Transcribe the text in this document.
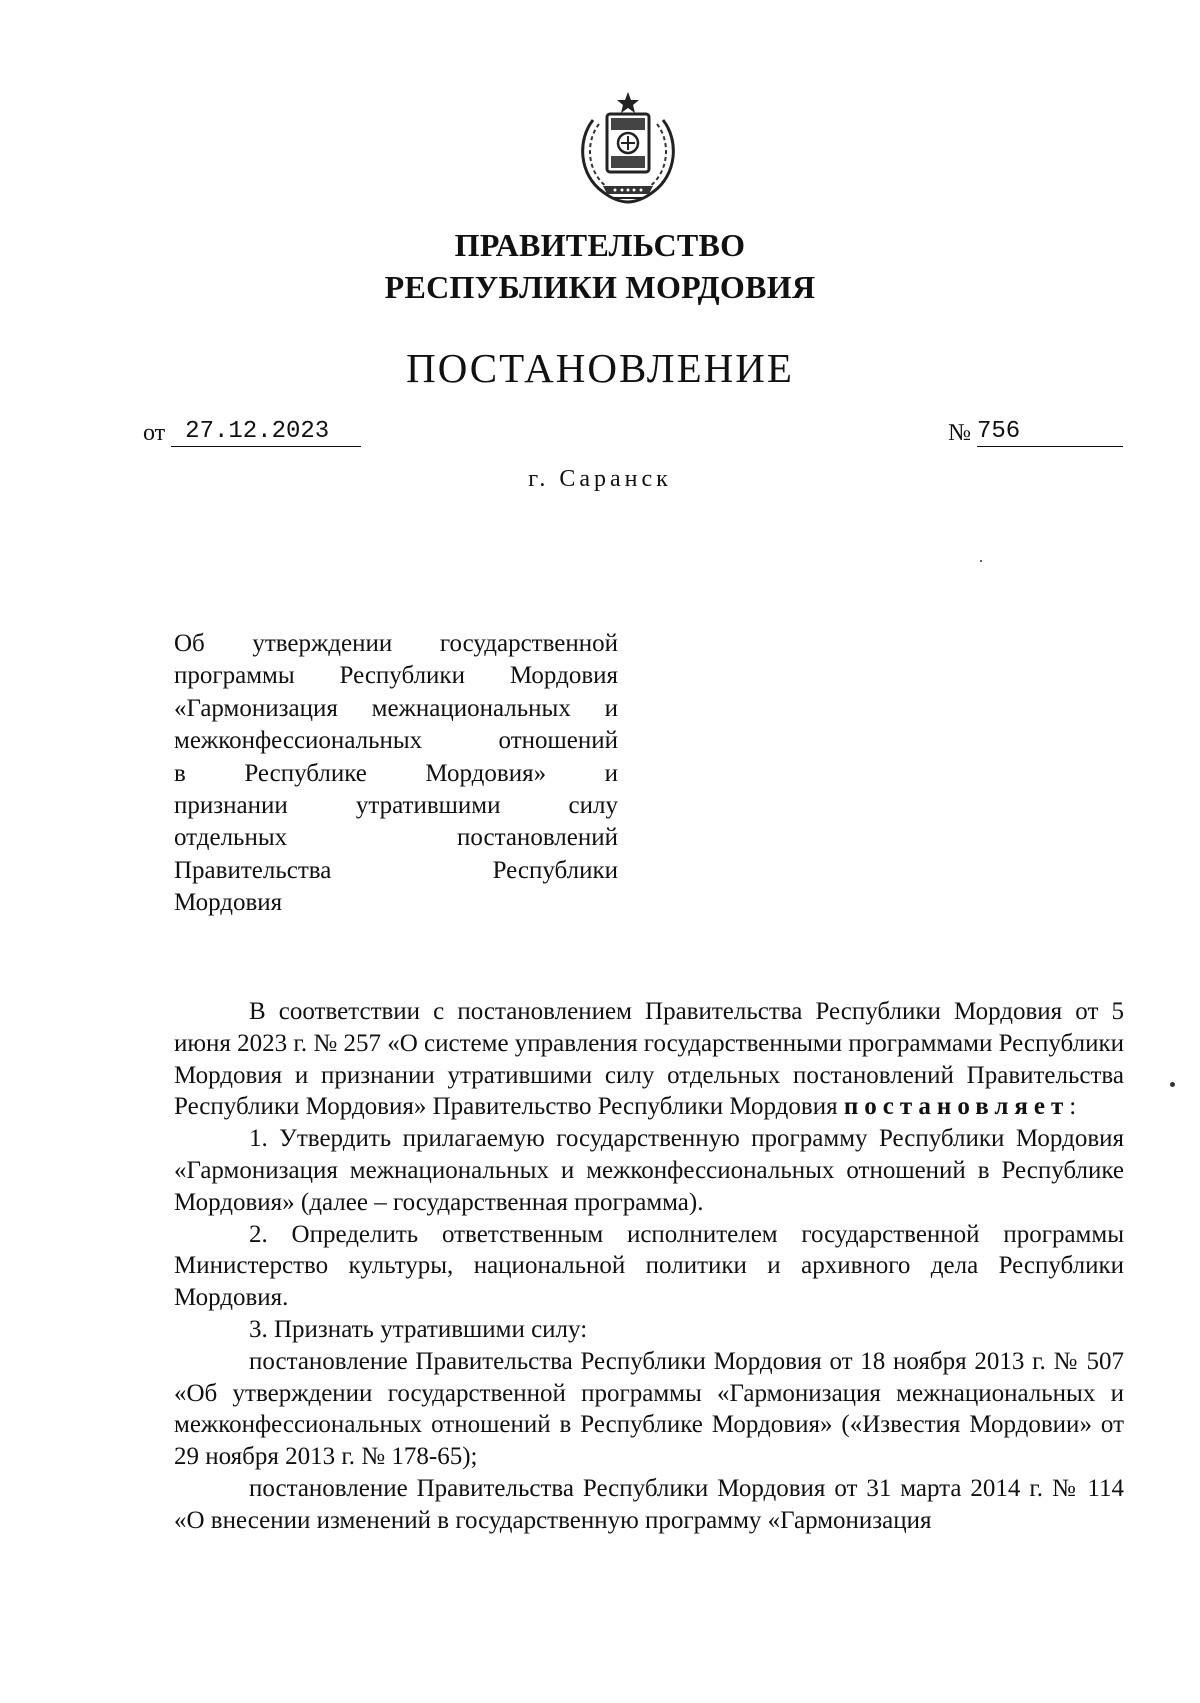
ПРАВИТЕЛЬСТВО
РЕСПУБЛИКИ МОРДОВИЯ
ПОСТАНОВЛЕНИЕ
от 27.12.2023	№ 756
г. Саранск
Об утверждении государственной
программы Республики Мордовия
«Гармонизация межнациональных и
межконфессиональных отношений
в Республике Мордовия» и
признании утратившими силу
отдельных постановлений
Правительства Республики
Мордовия

В соответствии с постановлением Правительства Республики Мордовия от 5 июня 2023 г. № 257 «О системе управления государственными программами Республики Мордовия и признании утратившими силу отдельных постановлений Правительства Республики Мордовия» Правительство Республики Мордовия постановляет:

1. Утвердить прилагаемую государственную программу Республики Мордовия «Гармонизация межнациональных и межконфессиональных отношений в Республике Мордовия» (далее – государственная программа).

2. Определить ответственным исполнителем государственной программы Министерство культуры, национальной политики и архивного дела Республики Мордовия.

3. Признать утратившими силу:

постановление Правительства Республики Мордовия от 18 ноября 2013 г. № 507 «Об утверждении государственной программы «Гармонизация межнациональных и межконфессиональных отношений в Республике Мордовия» («Известия Мордовии» от 29 ноября 2013 г. № 178-65);

постановление Правительства Республики Мордовия от 31 марта 2014 г. № 114 «О внесении изменений в государственную программу «Гармонизация
